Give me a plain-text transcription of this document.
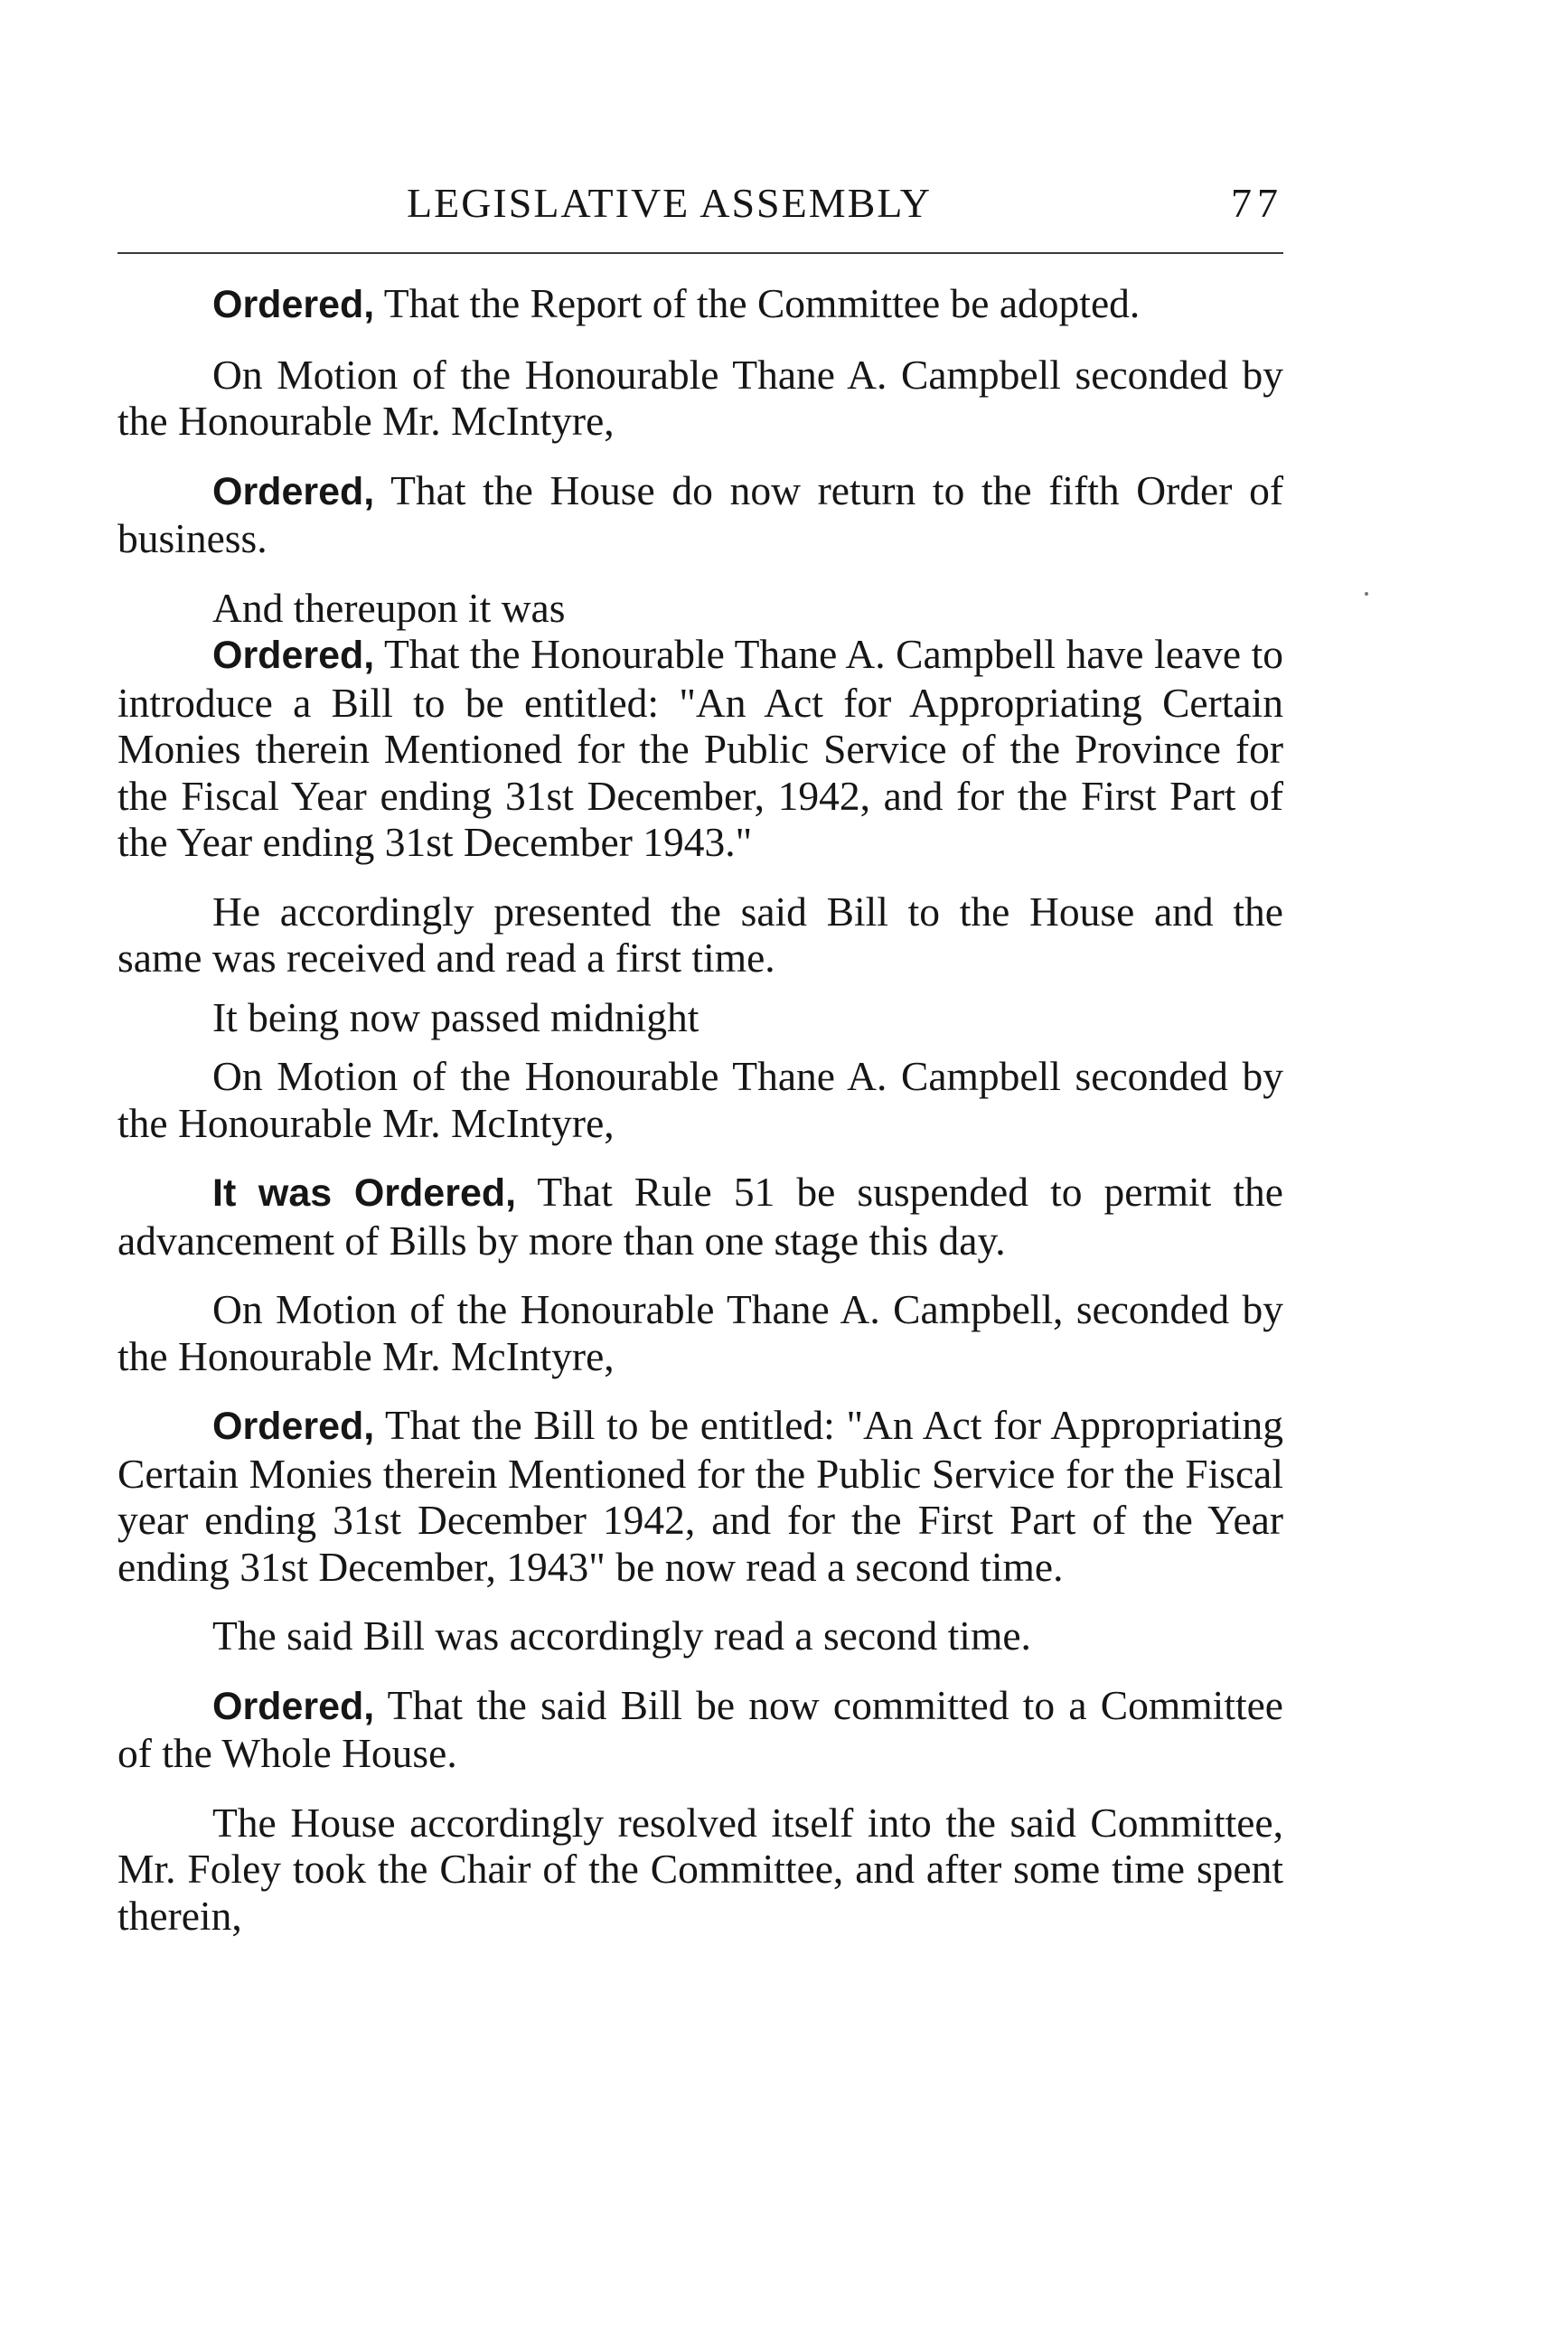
LEGISLATIVE ASSEMBLY	77

Ordered, That the Report of the Committee be adopted.

On Motion of the Honourable Thane A. Campbell seconded by the Honourable Mr. McIntyre,

Ordered, That the House do now return to the fifth Order of business.

And thereupon it was

Ordered, That the Honourable Thane A. Campbell have leave to introduce a Bill to be entitled: "An Act for Appropriating Certain Monies therein Mentioned for the Public Service of the Province for the Fiscal Year ending 31st December, 1942, and for the First Part of the Year ending 31st December 1943."

He accordingly presented the said Bill to the House and the same was received and read a first time.

It being now passed midnight

On Motion of the Honourable Thane A. Campbell seconded by the Honourable Mr. McIntyre,

It was Ordered, That Rule 51 be suspended to permit the advancement of Bills by more than one stage this day.

On Motion of the Honourable Thane A. Campbell, seconded by the Honourable Mr. McIntyre,

Ordered, That the Bill to be entitled: "An Act for Appropriating Certain Monies therein Mentioned for the Public Service for the Fiscal year ending 31st December 1942, and for the First Part of the Year ending 31st December, 1943" be now read a second time.

The said Bill was accordingly read a second time.

Ordered, That the said Bill be now committed to a Committee of the Whole House.

The House accordingly resolved itself into the said Committee, Mr. Foley took the Chair of the Committee, and after some time spent therein,
